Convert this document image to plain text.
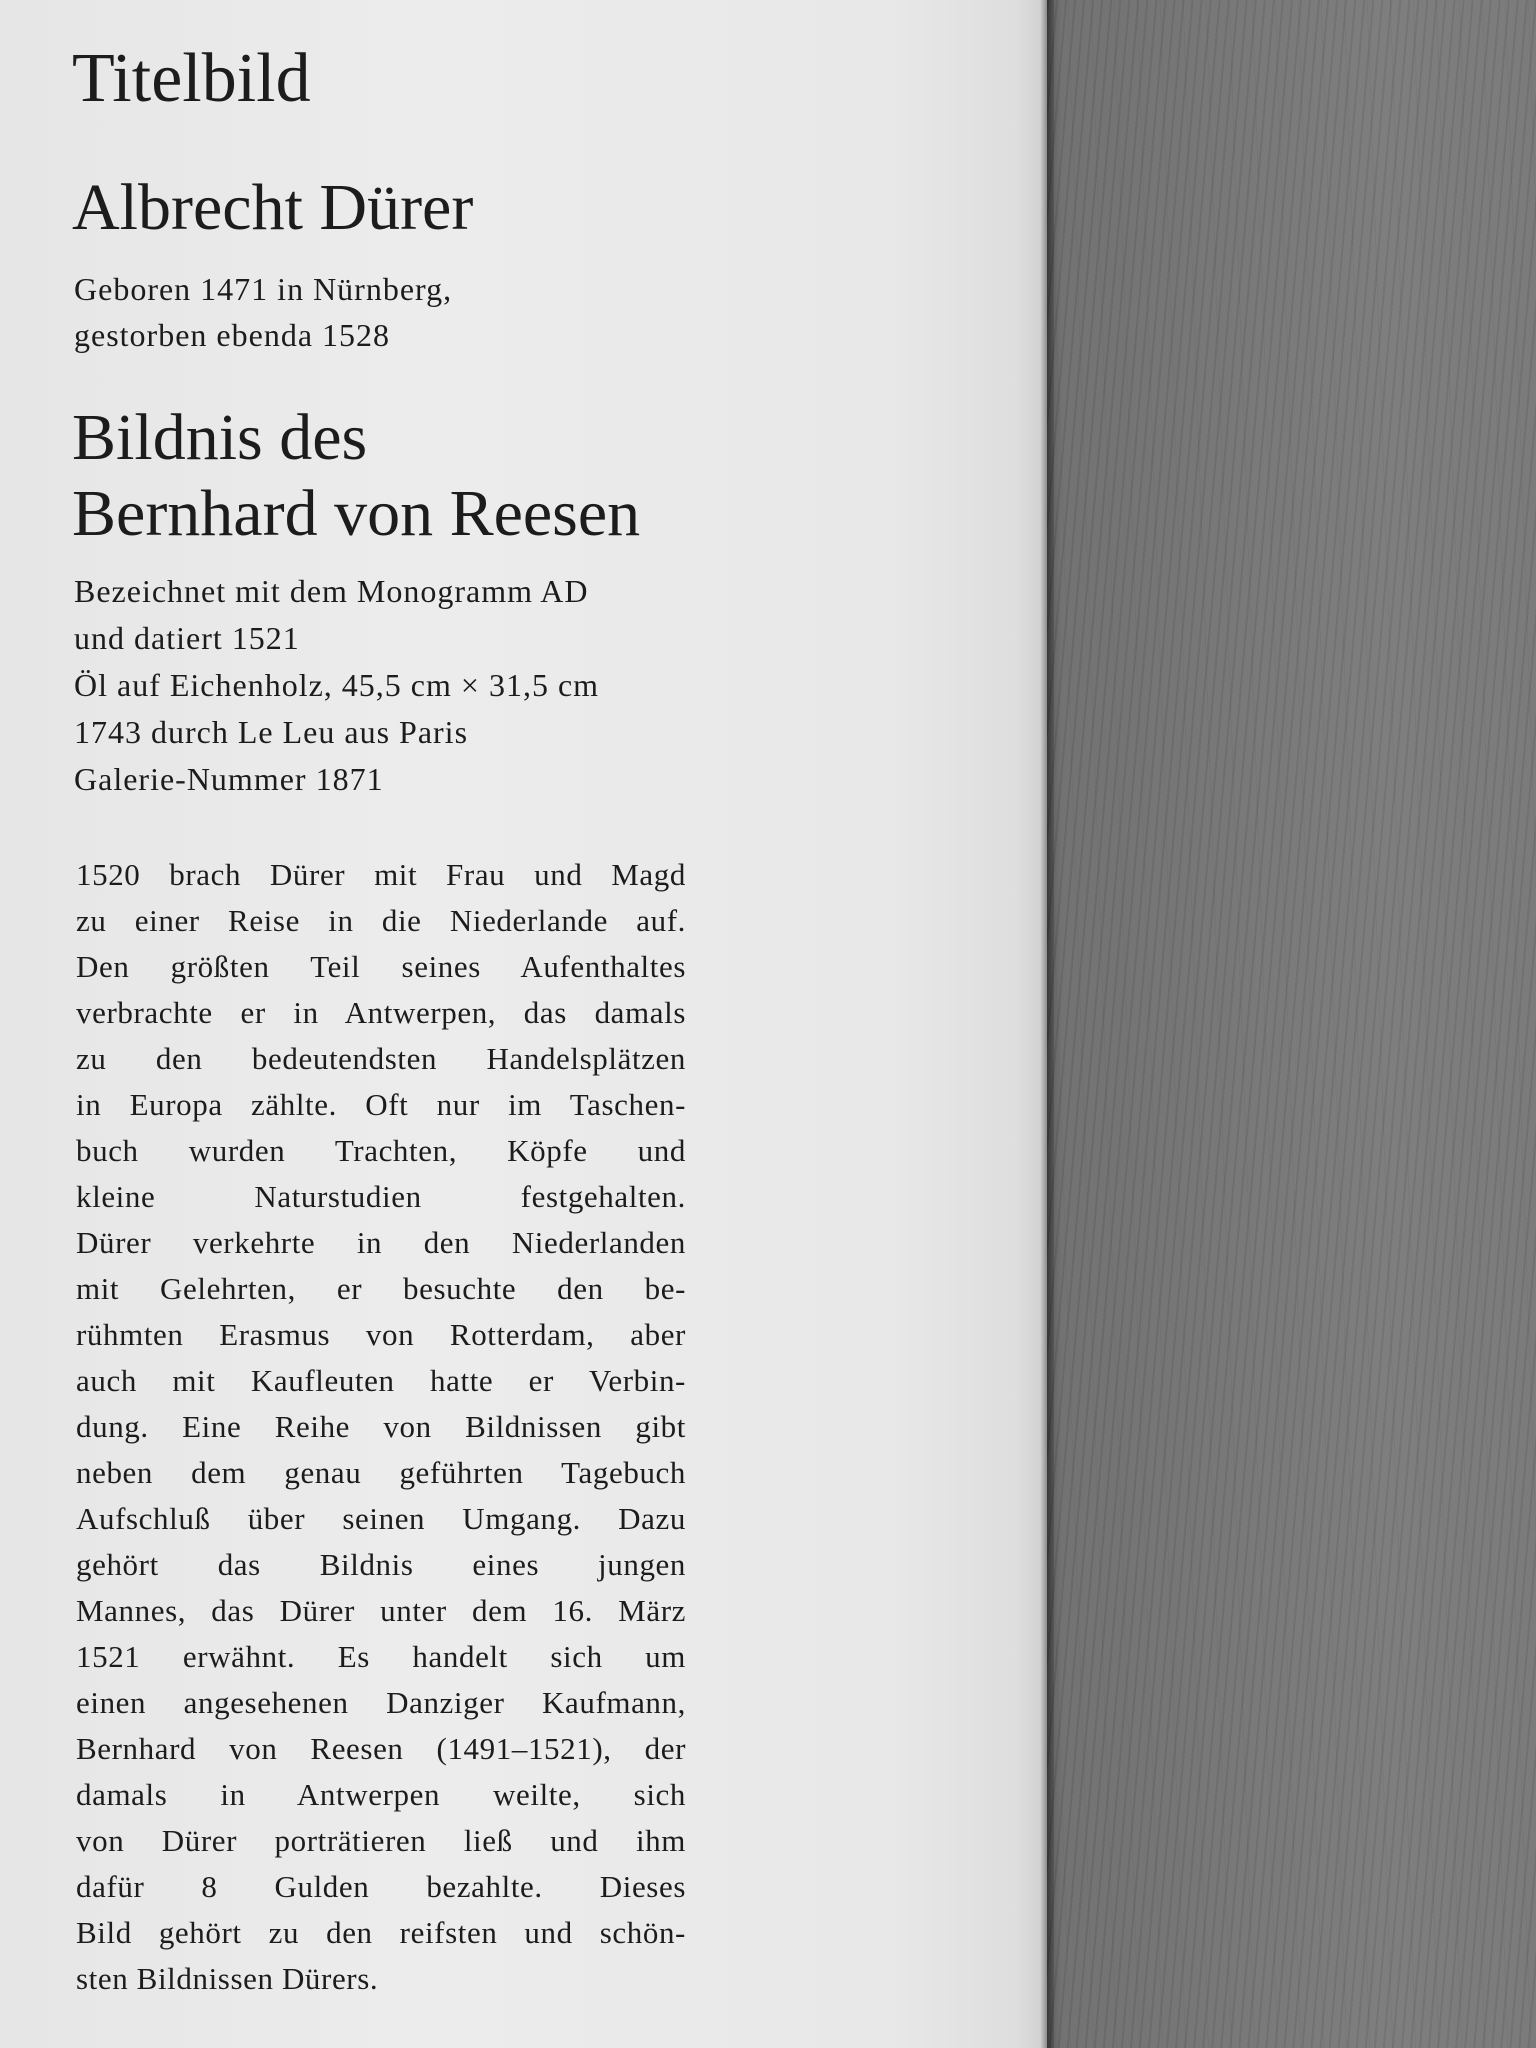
Titelbild
Albrecht Dürer
Geboren 1471 in Nürnberg,
gestorben ebenda 1528
Bildnis des
Bernhard von Reesen
Bezeichnet mit dem Monogramm AD
und datiert 1521
Öl auf Eichenholz, 45,5 cm × 31,5 cm
1743 durch Le Leu aus Paris
Galerie-Nummer 1871
1520 brach Dürer mit Frau und Magd
zu einer Reise in die Niederlande auf.
Den größten Teil seines Aufenthaltes
verbrachte er in Antwerpen, das damals
zu den bedeutendsten Handelsplätzen
in Europa zählte. Oft nur im Taschen-
buch wurden Trachten, Köpfe und
kleine Naturstudien festgehalten.
Dürer verkehrte in den Niederlanden
mit Gelehrten, er besuchte den be-
rühmten Erasmus von Rotterdam, aber
auch mit Kaufleuten hatte er Verbin-
dung. Eine Reihe von Bildnissen gibt
neben dem genau geführten Tagebuch
Aufschluß über seinen Umgang. Dazu
gehört das Bildnis eines jungen
Mannes, das Dürer unter dem 16. März
1521 erwähnt. Es handelt sich um
einen angesehenen Danziger Kaufmann,
Bernhard von Reesen (1491–1521), der
damals in Antwerpen weilte, sich
von Dürer porträtieren ließ und ihm
dafür 8 Gulden bezahlte. Dieses
Bild gehört zu den reifsten und schön-
sten Bildnissen Dürers.
